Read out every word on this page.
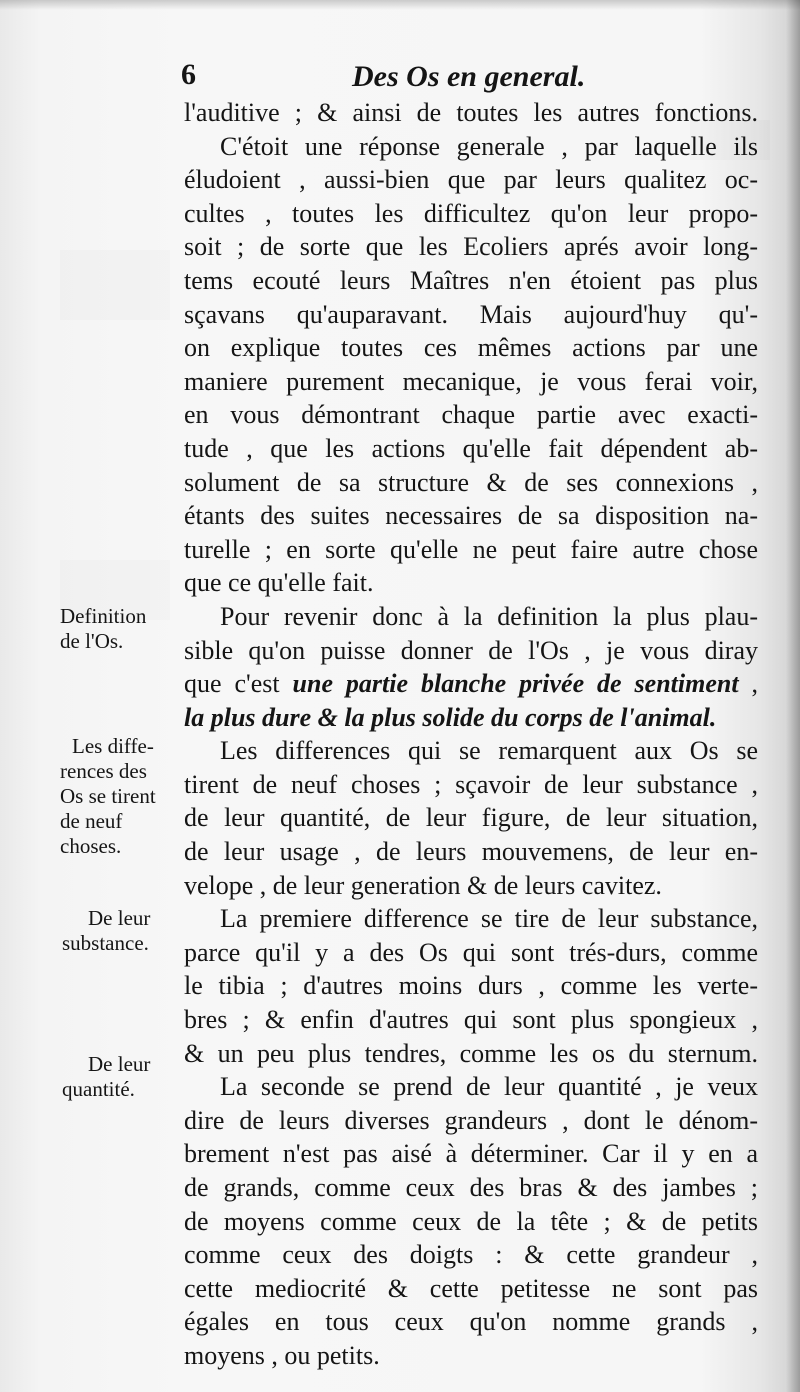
6	Des Os en general.
l'auditive ; & ainsi de toutes les autres fonctions.
C'étoit une réponse generale , par laquelle ils
éludoient , aussi-bien que par leurs qualitez oc-
cultes , toutes les difficultez qu'on leur propo-
soit ; de sorte que les Ecoliers aprés avoir long-
tems ecouté leurs Maîtres n'en étoient pas plus
sçavans qu'auparavant. Mais aujourd'huy qu'-
on explique toutes ces mêmes actions par une
maniere purement mecanique, je vous ferai voir,
en vous démontrant chaque partie avec exacti-
tude , que les actions qu'elle fait dépendent ab-
solument de sa structure & de ses connexions ,
étants des suites necessaires de sa disposition na-
turelle ; en sorte qu'elle ne peut faire autre chose
que ce qu'elle fait.
Pour revenir donc à la definition la plus plau-
sible qu'on puisse donner de l'Os , je vous diray
que c'est une partie blanche privée de sentiment ,
la plus dure & la plus solide du corps de l'animal.
Les differences qui se remarquent aux Os se
tirent de neuf choses ; sçavoir de leur substance ,
de leur quantité, de leur figure, de leur situation,
de leur usage , de leurs mouvemens, de leur en-
velope , de leur generation & de leurs cavitez.
La premiere difference se tire de leur substance,
parce qu'il y a des Os qui sont trés-durs, comme
le tibia ; d'autres moins durs , comme les verte-
bres ; & enfin d'autres qui sont plus spongieux ,
& un peu plus tendres, comme les os du sternum.
La seconde se prend de leur quantité , je veux
dire de leurs diverses grandeurs , dont le dénom-
brement n'est pas aisé à déterminer. Car il y en a
de grands, comme ceux des bras & des jambes ;
de moyens comme ceux de la tête ; & de petits
comme ceux des doigts : & cette grandeur ,
cette mediocrité & cette petitesse ne sont pas
égales en tous ceux qu'on nomme grands ,
moyens , ou petits.
Definition
de l'Os.
Les diffe-
rences des
Os se tirent
de neuf
choses.
De leur
substance.
De leur
quantité.
